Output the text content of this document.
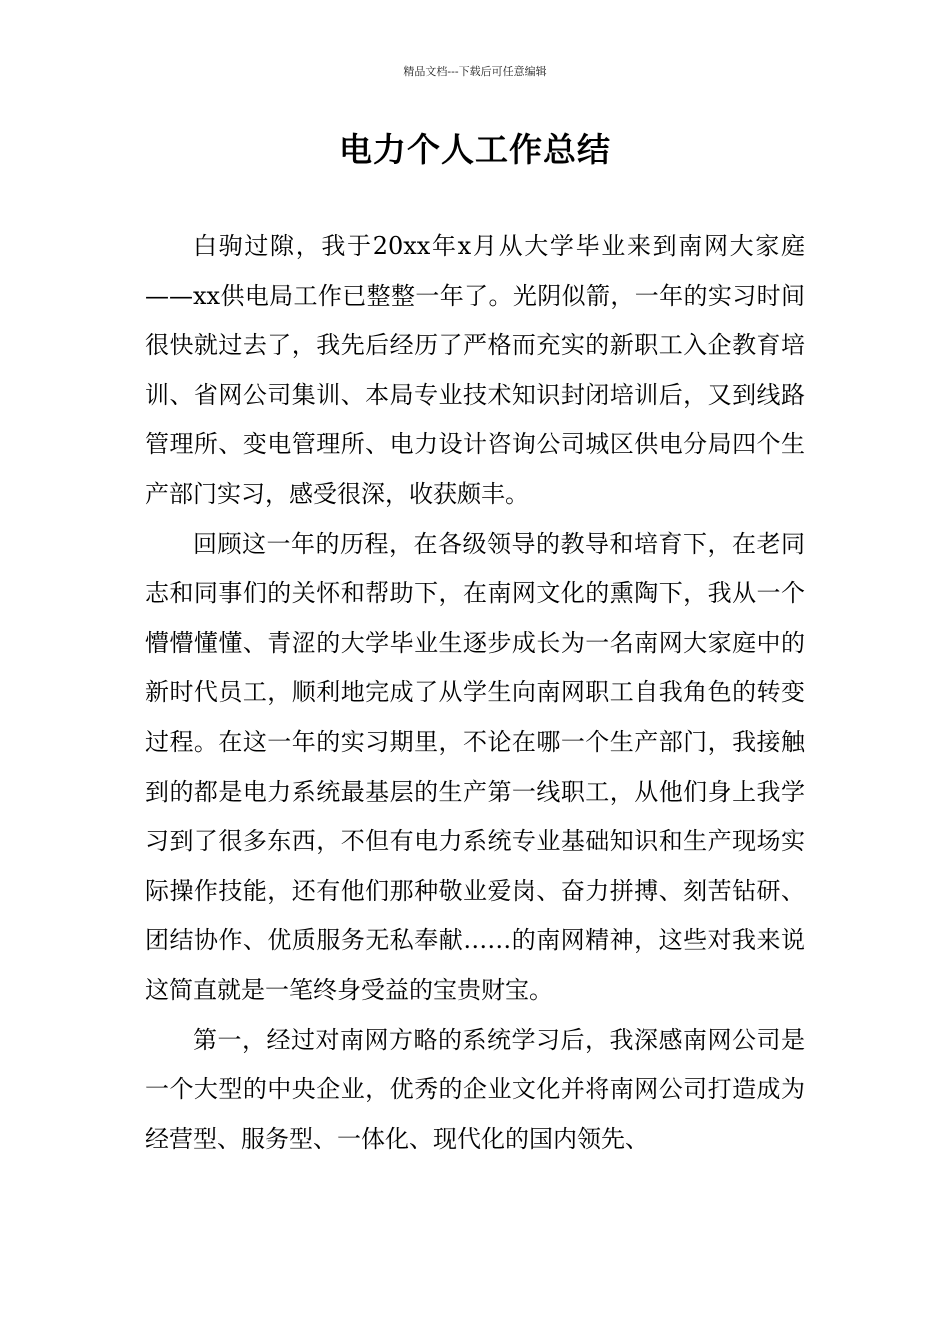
精品文档---下载后可任意编辑
电力个人工作总结

白驹过隙，我于20xx年x月从大学毕业来到南网大家庭——xx供电局工作已整整一年了。光阴似箭，一年的实习时间很快就过去了，我先后经历了严格而充实的新职工入企教育培训、省网公司集训、本局专业技术知识封闭培训后，又到线路管理所、变电管理所、电力设计咨询公司城区供电分局四个生产部门实习，感受很深，收获颇丰。

回顾这一年的历程，在各级领导的教导和培育下，在老同志和同事们的关怀和帮助下，在南网文化的熏陶下，我从一个懵懵懂懂、青涩的大学毕业生逐步成长为一名南网大家庭中的新时代员工，顺利地完成了从学生向南网职工自我角色的转变过程。在这一年的实习期里，不论在哪一个生产部门，我接触到的都是电力系统最基层的生产第一线职工，从他们身上我学习到了很多东西，不但有电力系统专业基础知识和生产现场实际操作技能，还有他们那种敬业爱岗、奋力拼搏、刻苦钻研、团结协作、优质服务无私奉献……的南网精神，这些对我来说这简直就是一笔终身受益的宝贵财宝。

第一，经过对南网方略的系统学习后，我深感南网公司是一个大型的中央企业，优秀的企业文化并将南网公司打造成为经营型、服务型、一体化、现代化的国内领先、
